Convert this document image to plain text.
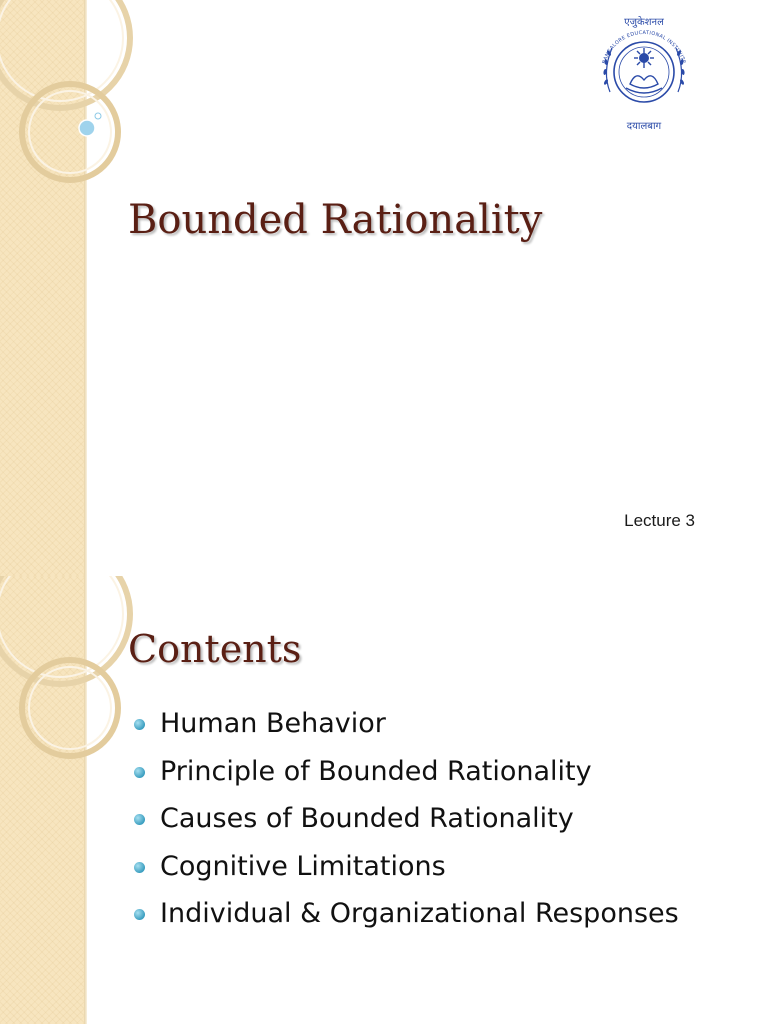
BANGALORE EDUCATIONAL INSTITUTE
एजुकेशनल
दयालबाग
Bounded Rationality
Lecture 3
Contents
Human Behavior
Principle of Bounded Rationality
Causes of Bounded Rationality
Cognitive Limitations
Individual & Organizational Responses
